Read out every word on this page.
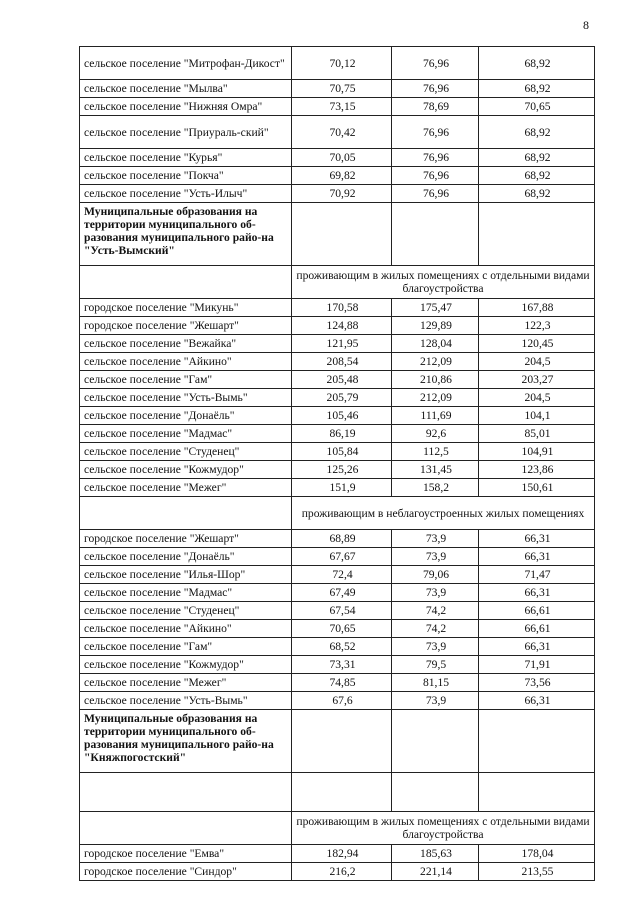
8
сельское поселение "Митрофан-Дикост"	70,12	76,96	68,92
сельское поселение "Мылва"	70,75	76,96	68,92
сельское поселение "Нижняя Омра"	73,15	78,69	70,65
сельское поселение "Приураль-ский"	70,42	76,96	68,92
сельское поселение "Курья"	70,05	76,96	68,92
сельское поселение "Покча"	69,82	76,96	68,92
сельское поселение "Усть-Илыч"	70,92	76,96	68,92
Муниципальные образования на территории муниципального об-разования муниципального райо-на "Усть-Вымский"			
	проживающим в жилых помещениях с отдельными видами благоустройства		
городское поселение "Микунь"	170,58	175,47	167,88
городское поселение "Жешарт"	124,88	129,89	122,3
сельское поселение "Вежайка"	121,95	128,04	120,45
сельское поселение "Айкино"	208,54	212,09	204,5
сельское поселение "Гам"	205,48	210,86	203,27
сельское поселение "Усть-Вымь"	205,79	212,09	204,5
сельское поселение "Донаёль"	105,46	111,69	104,1
сельское поселение "Мадмас"	86,19	92,6	85,01
сельское поселение "Студенец"	105,84	112,5	104,91
сельское поселение "Кожмудор"	125,26	131,45	123,86
сельское поселение "Межег"	151,9	158,2	150,61
	проживающим в неблагоустроенных жилых помещениях		
городское поселение "Жешарт"	68,89	73,9	66,31
сельское поселение "Донаёль"	67,67	73,9	66,31
сельское поселение "Илья-Шор"	72,4	79,06	71,47
сельское поселение "Мадмас"	67,49	73,9	66,31
сельское поселение "Студенец"	67,54	74,2	66,61
сельское поселение "Айкино"	70,65	74,2	66,61
сельское поселение "Гам"	68,52	73,9	66,31
сельское поселение "Кожмудор"	73,31	79,5	71,91
сельское поселение "Межег"	74,85	81,15	73,56
сельское поселение "Усть-Вымь"	67,6	73,9	66,31
Муниципальные образования на территории муниципального об-разования муниципального райо-на "Княжпогостский"			

	проживающим в жилых помещениях с отдельными видами благоустройства		
городское поселение "Емва"	182,94	185,63	178,04
городское поселение "Синдор"	216,2	221,14	213,55
